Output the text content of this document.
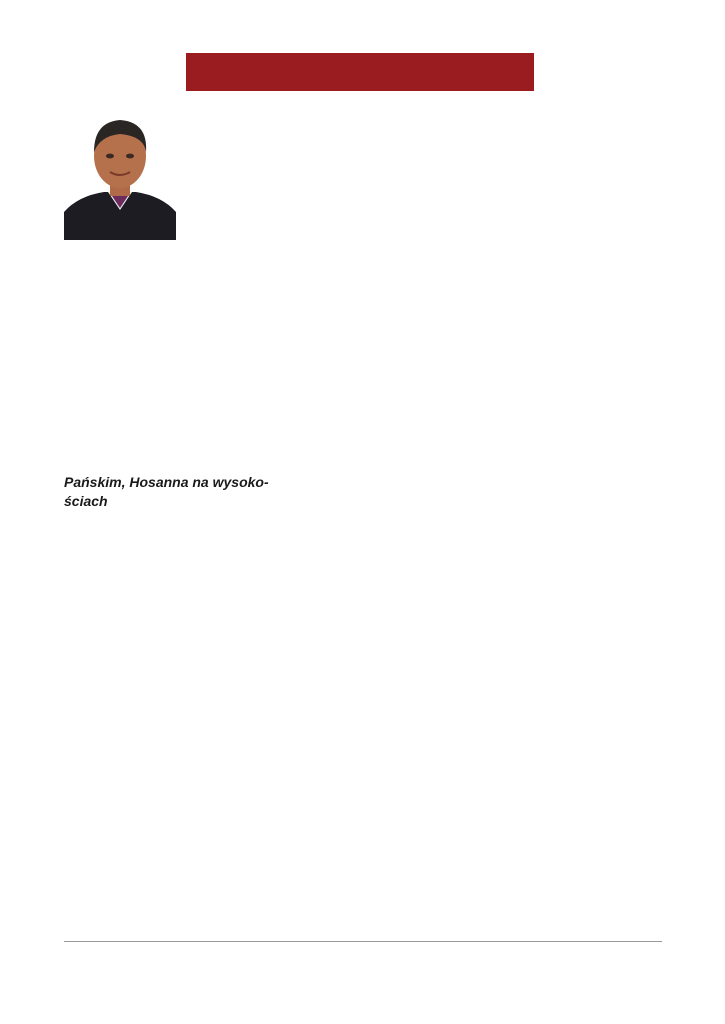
Pańskim, Hosanna na wysoko-
ściach
